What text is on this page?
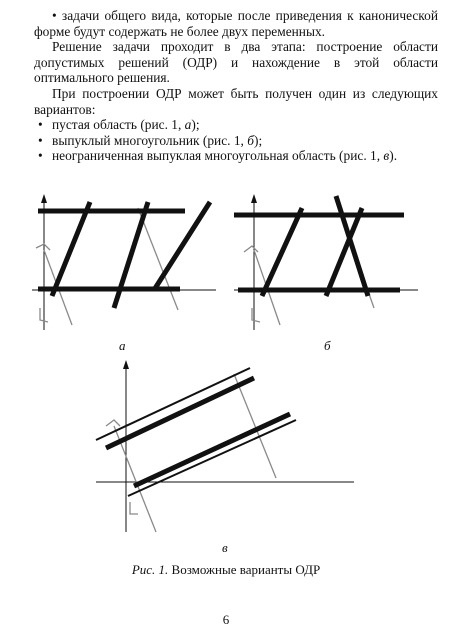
• задачи общего вида, которые после приведения к канонической форме будут содержать не более двух переменных.

Решение задачи проходит в два этапа: построение области допустимых решений (ОДР) и нахождение в этой области оптимального решения.

При построении ОДР может быть получен один из следующих вариантов:

• пустая область (рис. 1, а);

• выпуклый многоугольник (рис. 1, б);

• неограниченная выпуклая многоугольная область (рис. 1, в).

а	б
в
Рис. 1. Возможные варианты ОДР
6
